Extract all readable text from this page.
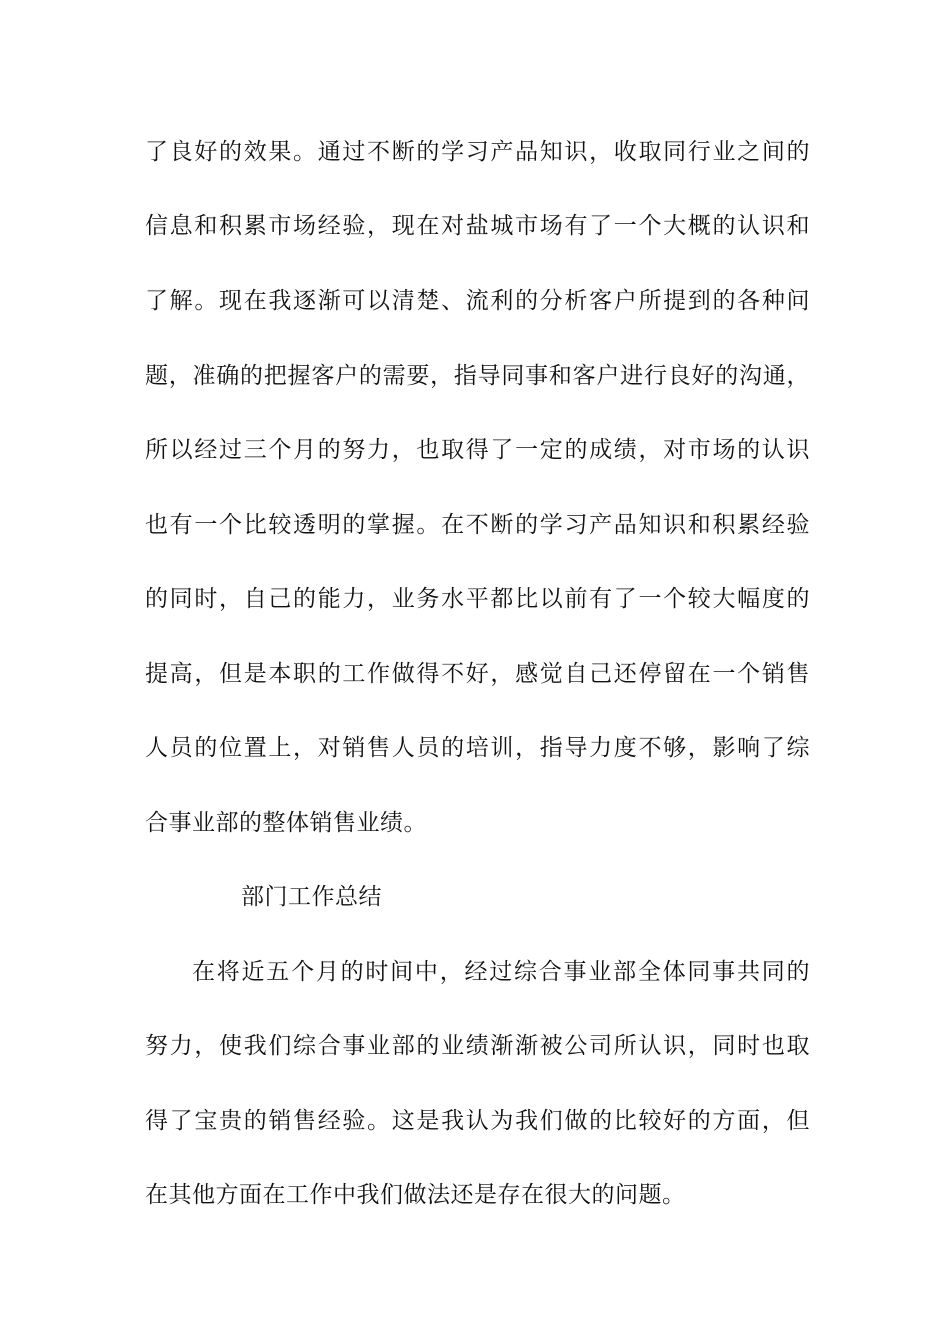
了良好的效果。通过不断的学习产品知识，收取同行业之间的
信息和积累市场经验，现在对盐城市场有了一个大概的认识和
了解。现在我逐渐可以清楚、流利的分析客户所提到的各种问
题，准确的把握客户的需要，指导同事和客户进行良好的沟通，
所以经过三个月的努力，也取得了一定的成绩，对市场的认识
也有一个比较透明的掌握。在不断的学习产品知识和积累经验
的同时，自己的能力，业务水平都比以前有了一个较大幅度的
提高，但是本职的工作做得不好，感觉自己还停留在一个销售
人员的位置上，对销售人员的培训，指导力度不够，影响了综
合事业部的整体销售业绩。
部门工作总结
在将近五个月的时间中，经过综合事业部全体同事共同的
努力，使我们综合事业部的业绩渐渐被公司所认识，同时也取
得了宝贵的销售经验。这是我认为我们做的比较好的方面，但
在其他方面在工作中我们做法还是存在很大的问题。
